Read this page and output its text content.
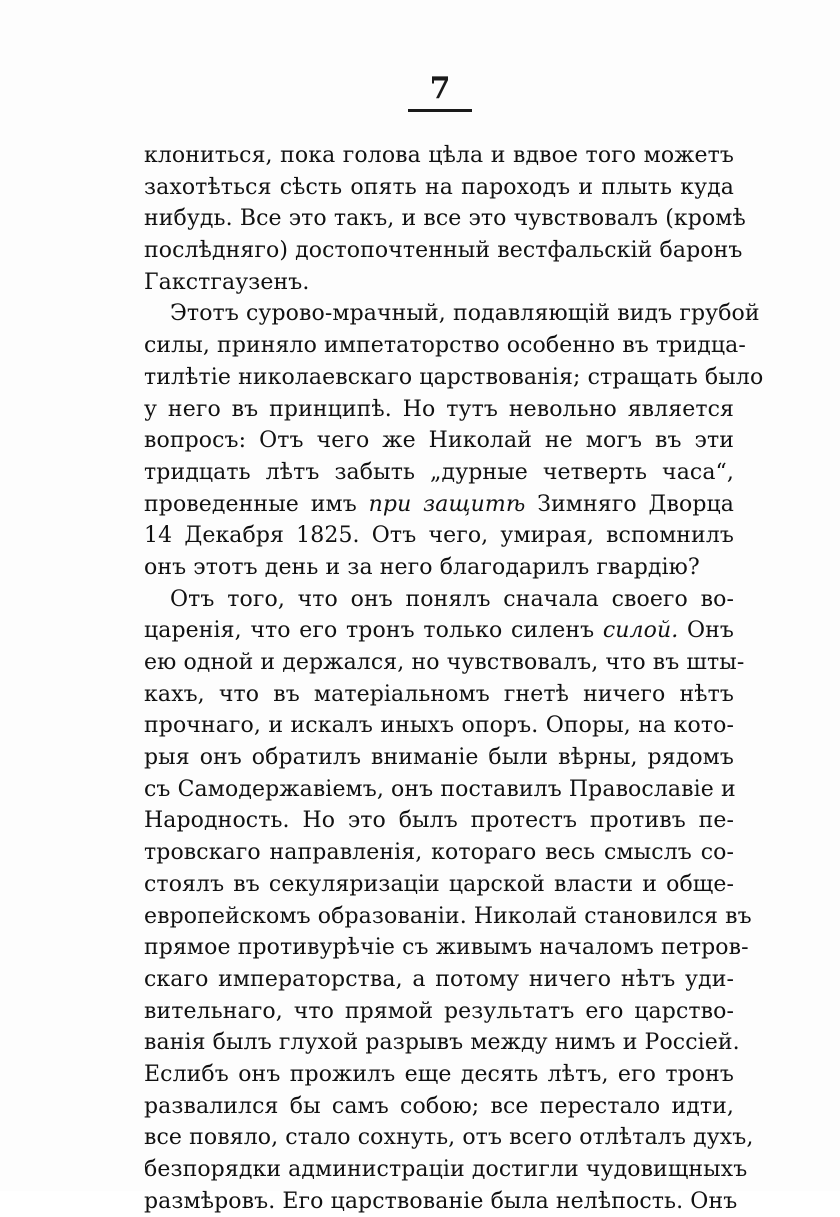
7
клониться, пока голова цѣла и вдвое того можетъ
захотѣться сѣсть опять на пароходъ и плыть куда
нибудь. Все это такъ, и все это чувствовалъ (кромѣ
послѣдняго) достопочтенный вестфальскій баронъ
Гакстгаузенъ.
Этотъ сурово-мрачный, подавляющій видъ грубой
силы, приняло импетаторство особенно въ тридца-
тилѣтіе николаевскаго царствованія; стращать было
у него въ принципѣ. Но тутъ невольно является
вопросъ: Отъ чего же Николай не могъ въ эти
тридцать лѣтъ забыть „дурные четверть часа“,
проведенные имъ при защитѣ Зимняго Дворца
14 Декабря 1825. Отъ чего, умирая, вспомнилъ
онъ этотъ день и за него благодарилъ гвардію?
Отъ того, что онъ понялъ сначала своего во-
царенія, что его тронъ только силенъ силой. Онъ
ею одной и держался, но чувствовалъ, что въ шты-
кахъ, что въ матеріальномъ гнетѣ ничего нѣтъ
прочнаго, и искалъ иныхъ опоръ. Опоры, на кото-
рыя онъ обратилъ вниманіе были вѣрны, рядомъ
съ Самодержавіемъ, онъ поставилъ Православіе и
Народность. Но это былъ протестъ противъ пе-
тровскаго направленія, котораго весь смыслъ со-
стоялъ въ секуляризаціи царской власти и обще-
европейскомъ образованіи. Николай становился въ
прямое противурѣчіе съ живымъ началомъ петров-
скаго императорства, а потому ничего нѣтъ уди-
вительнаго, что прямой результатъ его царство-
ванія былъ глухой разрывъ между нимъ и Россіей.
Еслибъ онъ прожилъ еще десять лѣтъ, его тронъ
развалился бы самъ собою; все перестало идти,
все повяло, стало сохнуть, отъ всего отлѣталъ духъ,
безпорядки администраціи достигли чудовищныхъ
размѣровъ. Его царствованіе была нелѣпость. Онъ
